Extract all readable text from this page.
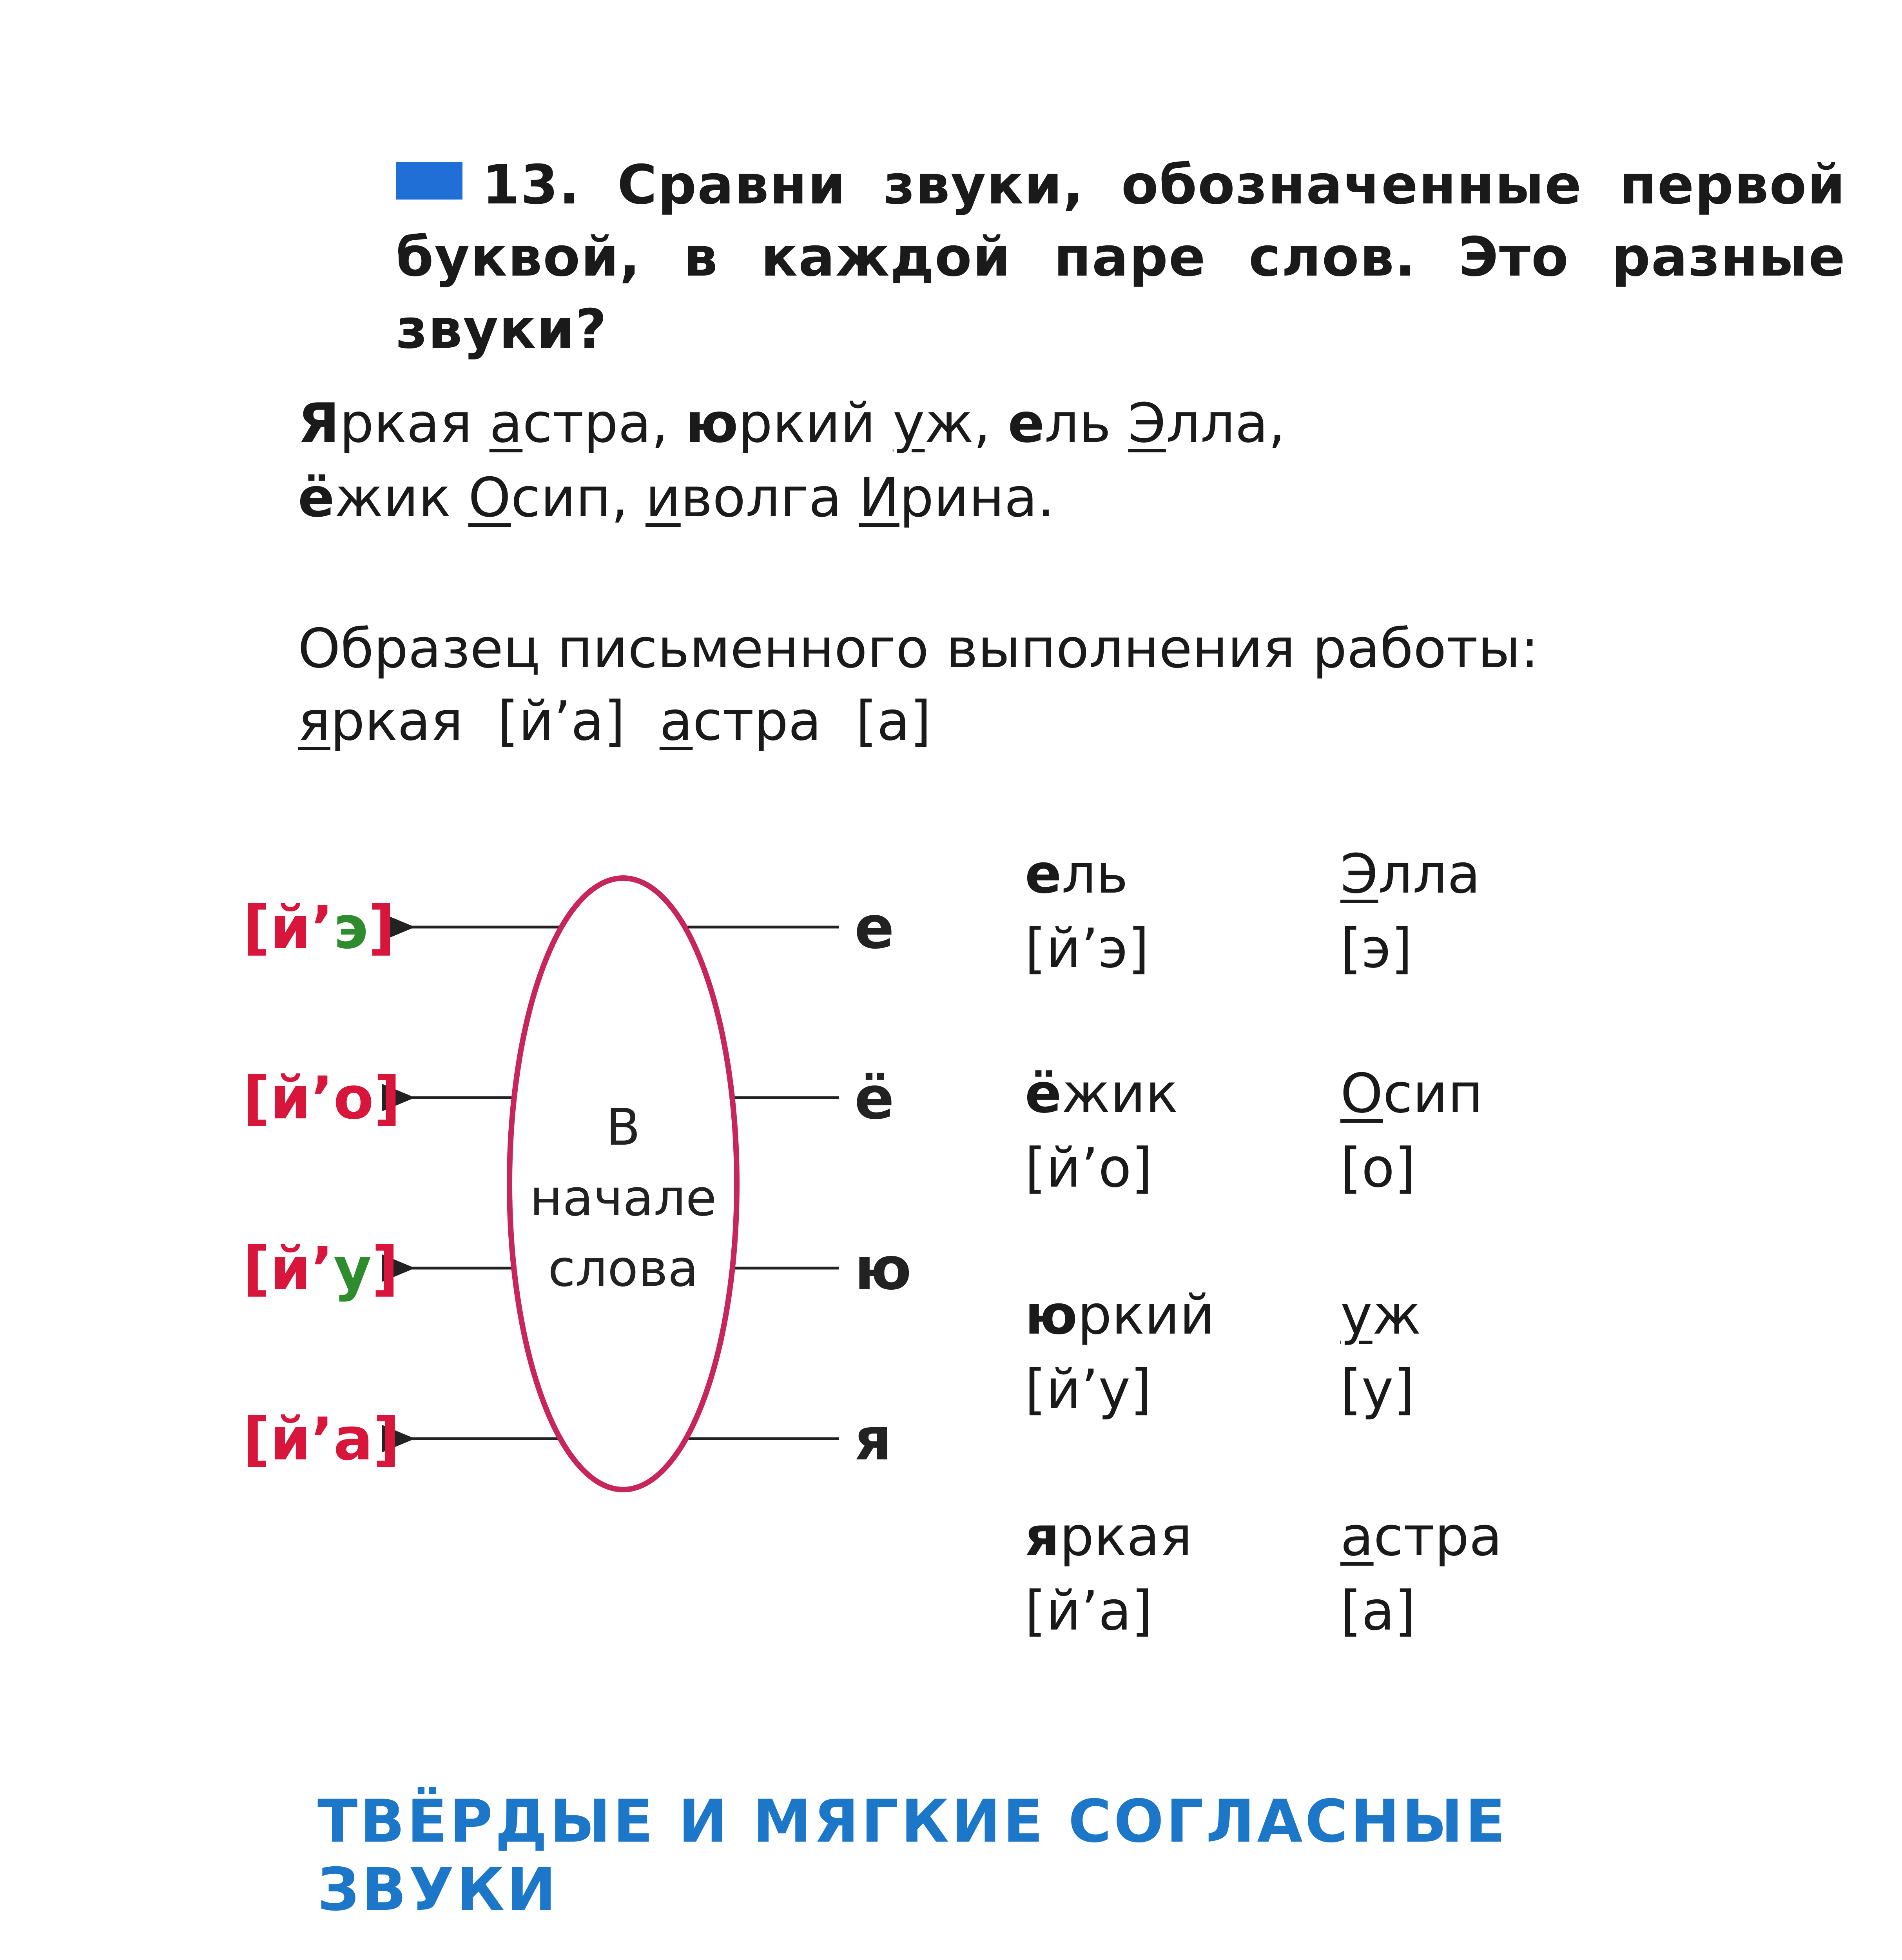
13. Сравни звуки, обозначенные первой буквой, в каждой паре слов. Это разные звуки?
Яркая астра, юркий уж, ель Элла,
ёжик Осип, иволга Ирина.
Образец письменного выполнения работы:
яркая [й’а] астра [а]
В
начале
слова
[й’э]
[й’о]
[й’у]
[й’а]
е
ё
ю
я
ель
[й’э]
Элла
[э]
ёжик
[й’о]
Осип
[о]
юркий
[й’у]
уж
[у]
яркая
[й’а]
астра
[а]
ТВЁРДЫЕ И МЯГКИЕ СОГЛАСНЫЕ ЗВУКИ
